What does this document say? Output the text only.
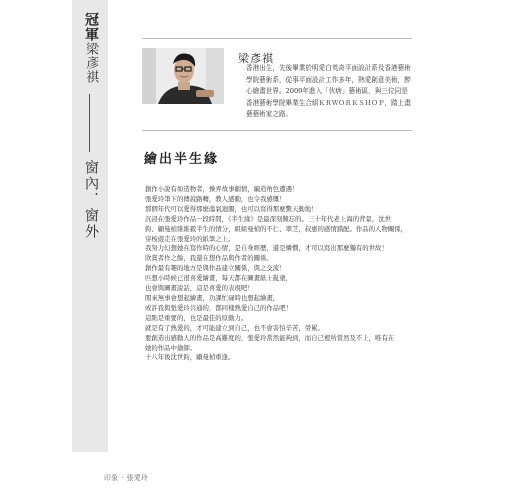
冠軍
梁彥祺
窗內．窗外
梁彥祺
香港出生，先後畢業於明愛白英奇平面設計系及香港藝術學院藝術系，從事平面設計工作多年，熱愛創意美術，醉心繪畫世界。2009年進入「伙痞」藝術區，與三位同是香港藝術學院畢業生合組ＫＲＷＯＲＫＳＨＯＰ，踏上畫藝藝術家之路。
繪出半生緣

創作小說有如造物者，操弄故事劇情，編造角色遭遇！

張愛玲筆下的傳說路轉，教人感動，也令我感慨！

那個年代可以愛得那麼蕩氣迴腸，也可以寫得那麼驚天動地！

沉浸在張愛玲作品一段時間，《半生緣》是最深刻難忘的。三十年代老上海的背景，沈世

鈞、顧曼楨維維毅半生的情分，組組曼楨的不仁、翠芝，叔惠的感情錯配。作品的人物關係，

穿梭遊走在張愛玲的紙筆之上。

我努力幻想她在寫作時的心情，是自身經歷，還是憐憫，才可以寫出那麼獨有的世故！

欣賞者作之餘，我還在想作品與作者的關係。

創作最有趣的地方是與作品建立關係，與之交流！

匹想小時候已很喜愛繪畫，每天都在圖畫紙上亂塗，

也會與圖畫說話，這是喜愛的表現吧！

閒來無事會想起繪畫，功課忙碌時也想起繪畫，

或許我與張愛玲共通的，都同樣熱愛自己的作品吧！

這點是重要的，也是最佳的原動力。

就是有了熱愛的，才可能建立到自己，也不會害怕辛苦，勞累。

要創造出感動人的作品是高難度的，張愛玲當然能夠到，而自己裡所當然及不上，唯有在

她的作品中偷師。

十八年後沈世鈞，顧曼楨重逢。

印象 · 張愛玲
